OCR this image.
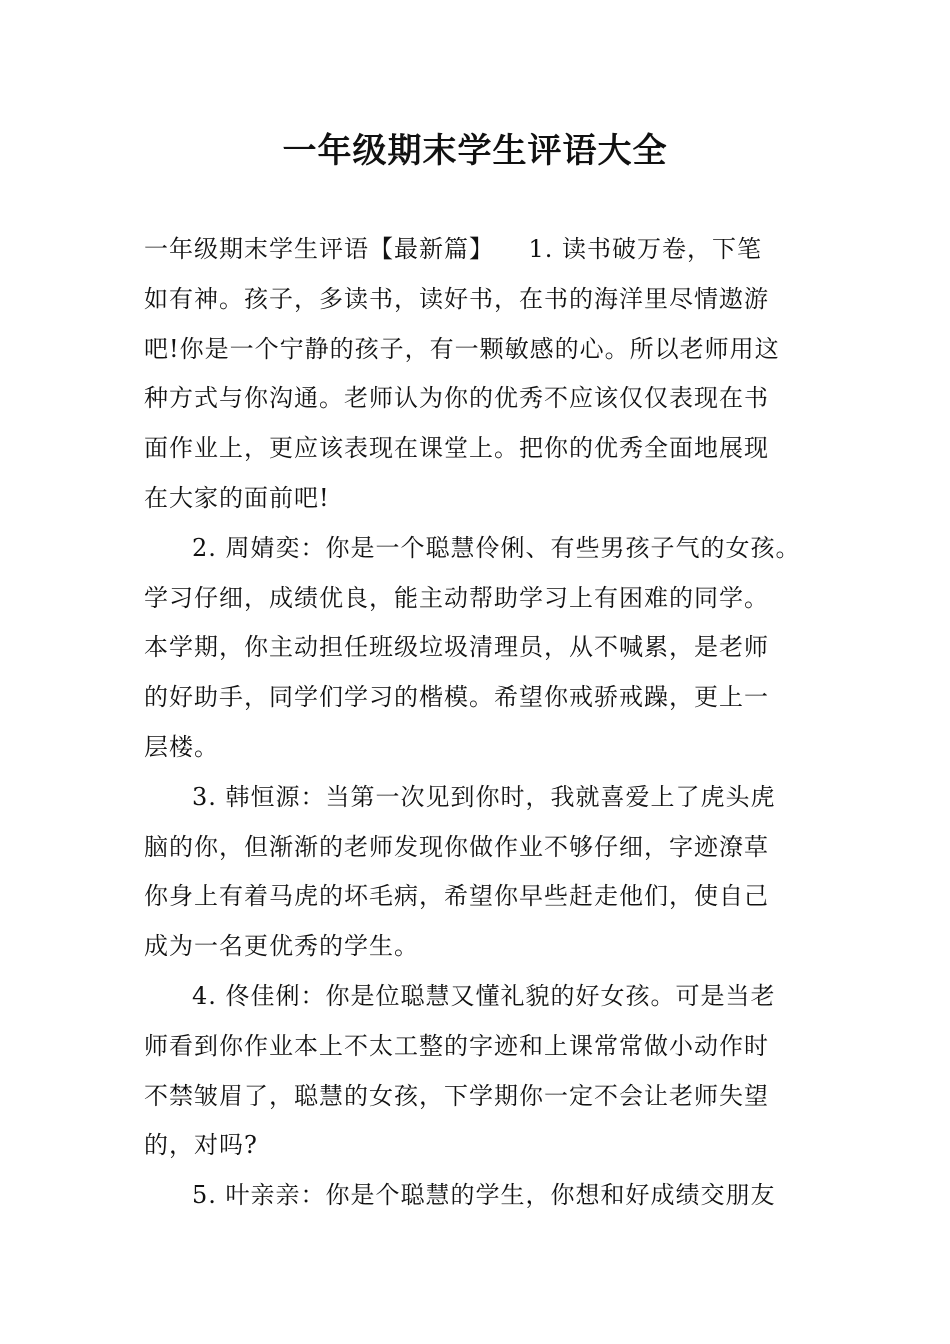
一年级期末学生评语大全
一年级期末学生评语【最新篇】    1. 读书破万卷，下笔
如有神。孩子，多读书，读好书，在书的海洋里尽情遨游
吧!你是一个宁静的孩子，有一颗敏感的心。所以老师用这
种方式与你沟通。老师认为你的优秀不应该仅仅表现在书
面作业上，更应该表现在课堂上。把你的优秀全面地展现
在大家的面前吧!
2. 周婧奕：你是一个聪慧伶俐、有些男孩子气的女孩。
学习仔细，成绩优良，能主动帮助学习上有困难的同学。
本学期，你主动担任班级垃圾清理员，从不喊累，是老师
的好助手，同学们学习的楷模。希望你戒骄戒躁，更上一
层楼。
3. 韩恒源：当第一次见到你时，我就喜爱上了虎头虎
脑的你，但渐渐的老师发现你做作业不够仔细，字迹潦草
你身上有着马虎的坏毛病，希望你早些赶走他们，使自己
成为一名更优秀的学生。
4. 佟佳俐：你是位聪慧又懂礼貌的好女孩。可是当老
师看到你作业本上不太工整的字迹和上课常常做小动作时
不禁皱眉了，聪慧的女孩，下学期你一定不会让老师失望
的，对吗?
5. 叶亲亲：你是个聪慧的学生，你想和好成绩交朋友
